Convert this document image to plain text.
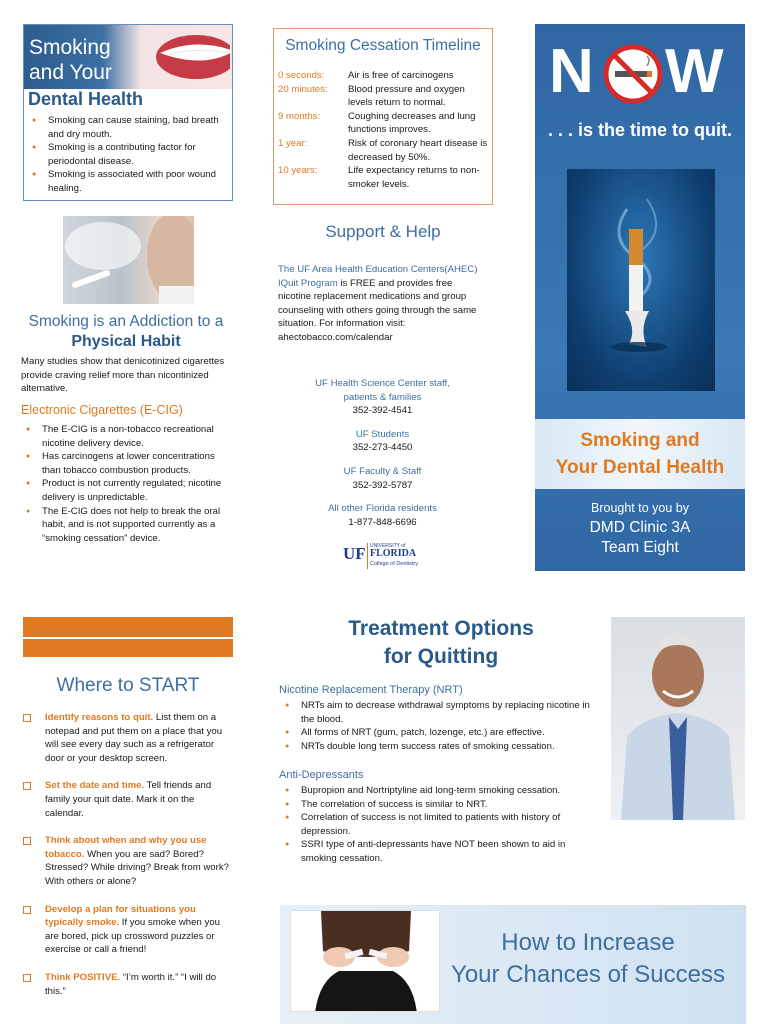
Smoking
and Your
Dental Health
● Smoking can cause staining, bad breath and dry mouth.
● Smoking is a contributing factor for periodontal disease.
● Smoking is associated with poor wound healing.
Smoking is an Addiction to a
Physical Habit
Many studies show that denicotinized cigarettes provide craving relief more than nicontinized alternative.
Electronic Cigarettes (E-CIG)
● The E-CIG is a non-tobacco recreational nicotine delivery device.
● Has carcinogens at lower concentrations than tobacco combustion products.
● Product is not currently regulated; nicotine delivery is unpredictable.
● The E-CIG does not help to break the oral habit, and is not supported currently as a “smoking cessation” device.
Smoking Cessation Timeline
0 seconds:	Air is free of carcinogens
20 minutes:	Blood pressure and oxygen levels return to normal.
9 months:	Coughing decreases and lung functions improves.
1 year:	Risk of coronary heart disease is decreased by 50%.
10 years:	Life expectancy returns to non-smoker levels.
Support & Help
The UF Area Health Education Centers(AHEC) IQuit Program is FREE and provides free nicotine replacement medications and group counseling with others going through the same situation. For information visit:
ahectobacco.com/calendar
UF Health Science Center staff, patients & families
352-392-4541
UF Students
352-273-4450
UF Faculty & Staff
352-392-5787
All other Florida residents
1-877-848-6696
UF UNIVERSITY of
FLORIDA
College of Dentistry
N W
. . . is the time to quit.
Smoking and
Your Dental Health
Brought to you by
DMD Clinic 3A
Team Eight
Where to START
Identify reasons to quit. List them on a notepad and put them on a place that you will see every day such as a refrigerator door or your desktop screen.
Set the date and time. Tell friends and family your quit date. Mark it on the calendar.
Think about when and why you use tobacco. When you are sad? Bored? Stressed? While driving? Break from work? With others or alone?
Develop a plan for situations you typically smoke. If you smoke when you are bored, pick up crossword puzzles or exercise or call a friend!
Think POSITIVE. “I’m worth it.” “I will do this.”
Treatment Options
for Quitting
Nicotine Replacement Therapy (NRT)
● NRTs aim to decrease withdrawal symptoms by replacing nicotine in the blood.
● All forms of NRT (gum, patch, lozenge, etc.) are effective.
● NRTs double long term success rates of smoking cessation.
Anti-Depressants
● Bupropion and Nortriptyline aid long-term smoking cessation.
● The correlation of success is similar to NRT.
● Correlation of success is not limited to patients with history of depression.
● SSRI type of anti-depressants have NOT been shown to aid in smoking cessation.
How to Increase
Your Chances of Success
